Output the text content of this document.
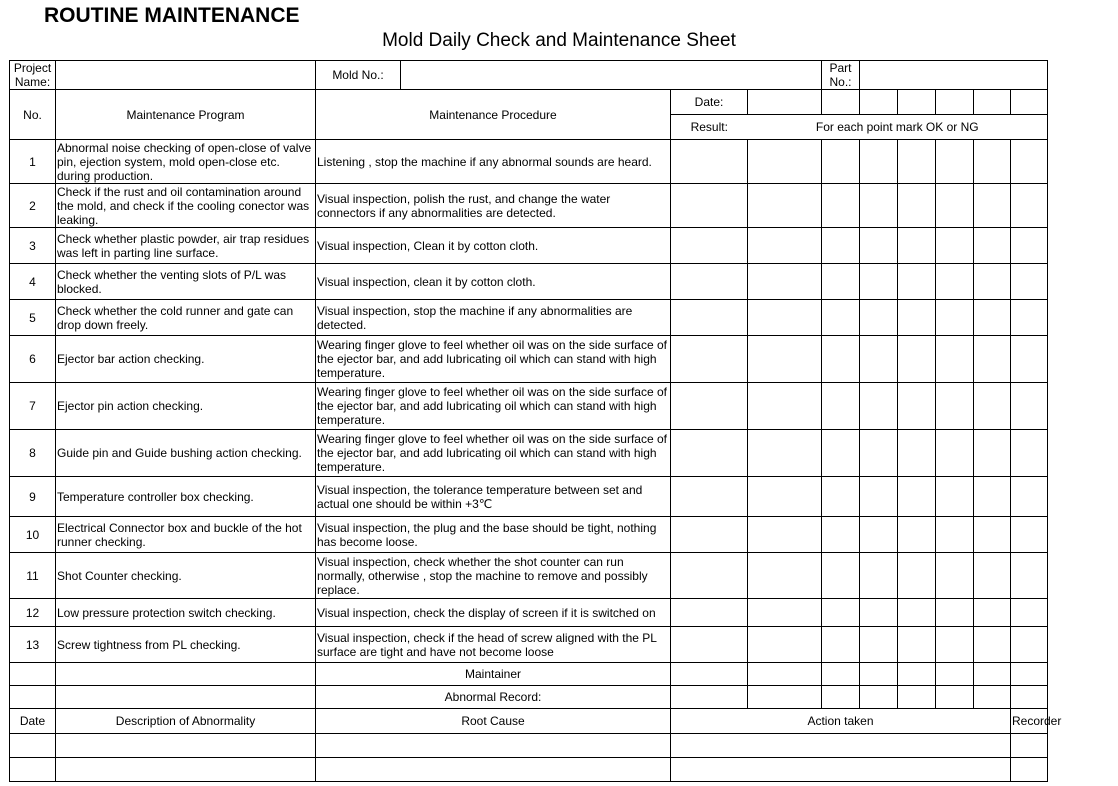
ROUTINE MAINTENANCE
Mold Daily Check and Maintenance Sheet
Project Name:		Mold No.:				Part No.:					
No.	Maintenance Program	Maintenance Procedure		Date:							
				Result:	For each point mark OK or NG						
1	Abnormal noise checking of open-close of valve pin, ejection system, mold open-close etc. during production.	Listening , stop the machine if any abnormal sounds are heard.									
2	Check if the rust and oil contamination around the mold, and check if the cooling conector was leaking.	Visual inspection, polish the rust, and change the water connectors if any abnormalities are detected.									
3	Check whether plastic powder, air trap residues was left in parting line surface.	Visual inspection, Clean it by cotton cloth.									
4	Check whether the venting slots of P/L was blocked.	Visual inspection, clean it by cotton cloth.									
5	Check whether the cold runner and gate can drop down freely.	Visual inspection, stop the machine if any abnormalities are detected.									
6	Ejector bar action checking.	Wearing finger glove to feel whether oil was on the side surface of the ejector bar, and add lubricating oil which can stand with high temperature.									
7	Ejector pin action checking.	Wearing finger glove to feel whether oil was on the side surface of the ejector bar, and add lubricating oil which can stand with high temperature.									
8	Guide pin and Guide bushing action checking.	Wearing finger glove to feel whether oil was on the side surface of the ejector bar, and add lubricating oil which can stand with high temperature.									
9	Temperature controller box checking.	Visual inspection, the tolerance temperature between set and actual one should be within +3℃									
10	Electrical Connector box and buckle of the hot runner checking.	Visual inspection, the plug and the base should be tight, nothing has become loose.									
11	Shot Counter checking.	Visual inspection, check whether the shot counter can run normally, otherwise , stop the machine to remove and possibly replace.									
12	Low pressure protection switch checking.	Visual inspection, check the display of screen if it is switched on									
13	Screw tightness from PL checking.	Visual inspection, check if the head of screw aligned with the PL surface are tight and have not become loose									
		Maintainer									
		Abnormal Record:									
Date	Description of Abnormality	Root Cause		Action taken							Recorder
